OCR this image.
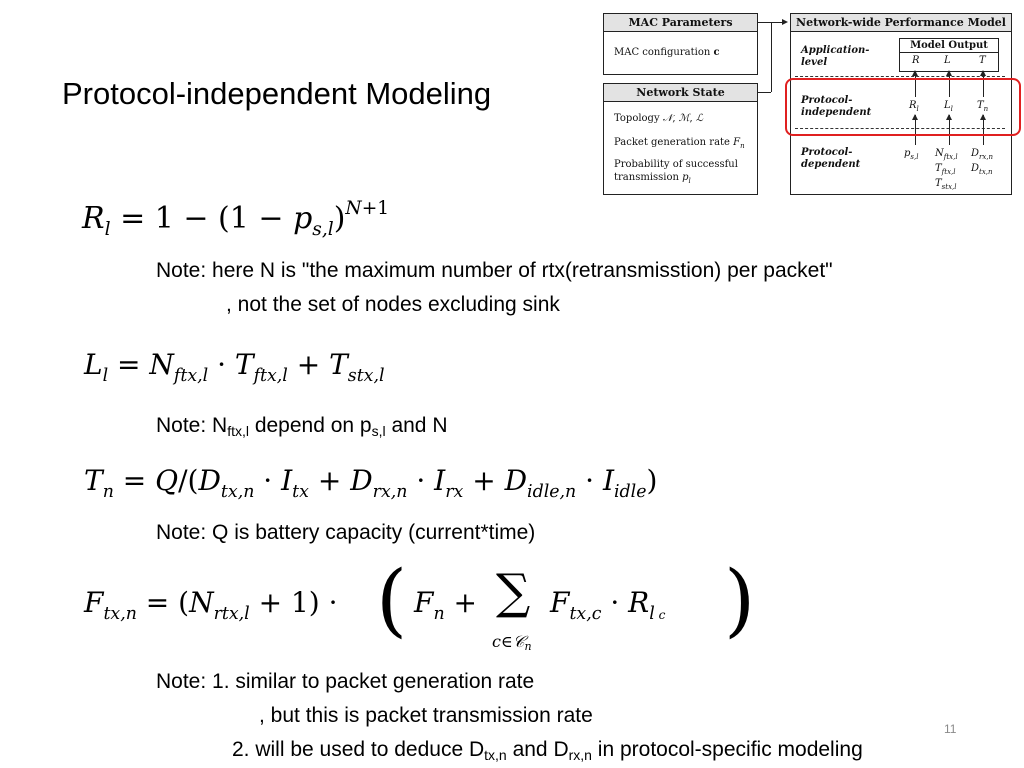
Protocol-independent Modeling
MAC Parameters
MAC configuration c
Network State
Topology 𝒩, ℳ, ℒ
Packet generation rate $F_n$
Probability of successful
transmission $p_l$
Network-wide Performance Model
Application-
level
Model Output
R L	T
Protocol-
independent
$R_l$	$L_l$ $T_n$
Protocol-
dependent
$p_{s,l}$ $N_{ftx,l}$
$T_{ftx,l}$
$T_{stx,l}$
$D_{rx,n}$
$D_{tx,n}$
$R_l = 1 - (1 - p_{s,l})^{N+1}$
Note: here N is "the maximum number of rtx(retransmisstion) per packet"
, not the set of nodes excluding sink
$L_l = N_{ftx,l} \cdot T_{ftx,l} + T_{stx,l}$
Note: $N_{ftx,l}$ depend on $p_{s,l}$ and N
$T_n = Q/(D_{tx,n} \cdot I_{tx} + D_{rx,n} \cdot I_{rx} + D_{idle,n} \cdot I_{idle})$
Note: Q is battery capacity (current*time)
$F_{tx,n} = (N_{rtx,l} + 1)$ · ( $F_n$ + ∑
c∈𝒞$_n$
$F_{tx,c} \cdot R_{l c}$ )
Note: 1. similar to packet generation rate
, but this is packet transmission rate
2. will be used to deduce $D_{tx,n}$ and $D_{rx,n}$ in protocol-specific modeling
11
